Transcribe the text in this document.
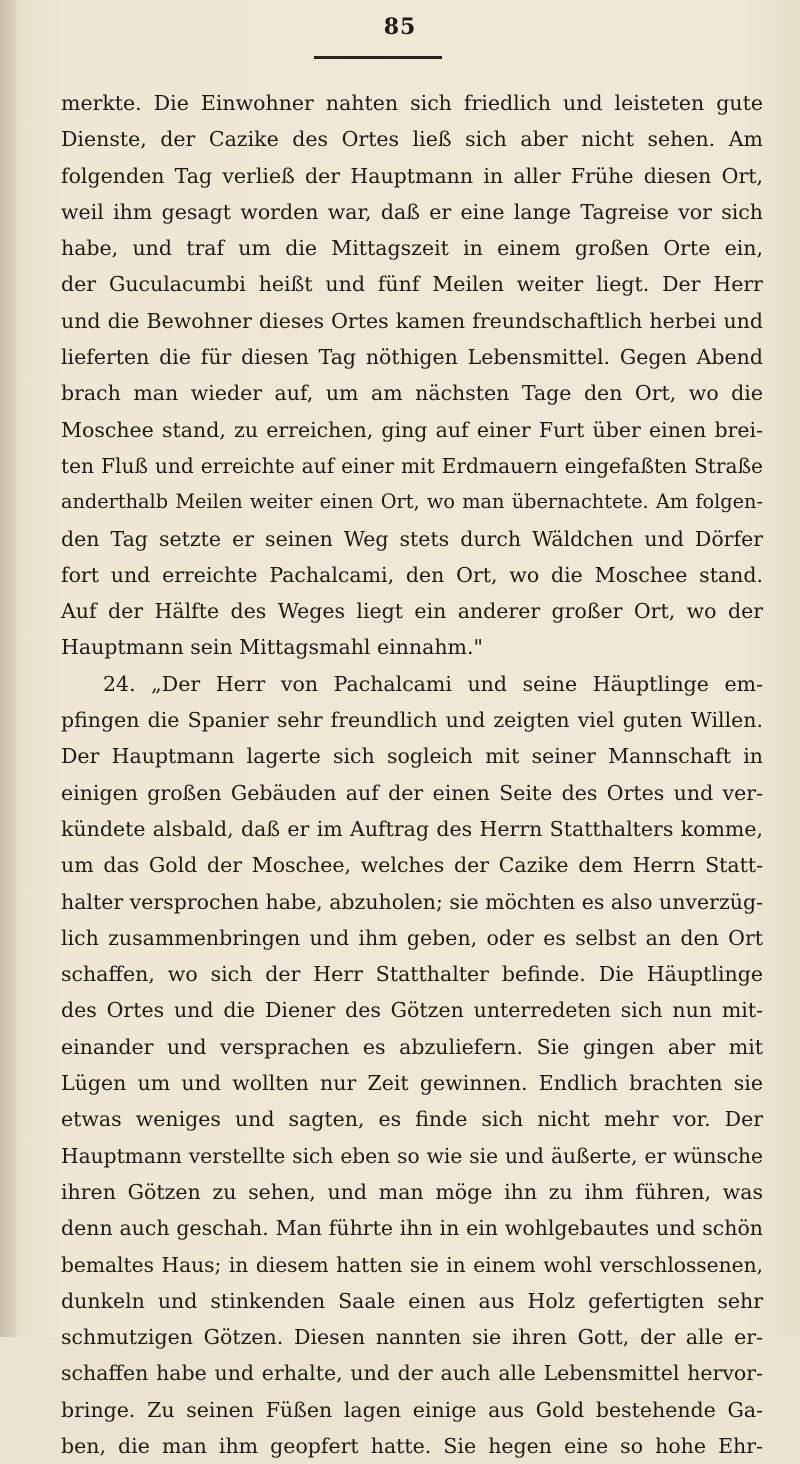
85
merkte. Die Einwohner nahten sich friedlich und leisteten gute
Dienste, der Cazike des Ortes ließ sich aber nicht sehen. Am
folgenden Tag verließ der Hauptmann in aller Frühe diesen Ort,
weil ihm gesagt worden war, daß er eine lange Tagreise vor sich
habe, und traf um die Mittagszeit in einem großen Orte ein,
der Guculacumbi heißt und fünf Meilen weiter liegt. Der Herr
und die Bewohner dieses Ortes kamen freundschaftlich herbei und
lieferten die für diesen Tag nöthigen Lebensmittel. Gegen Abend
brach man wieder auf, um am nächsten Tage den Ort, wo die
Moschee stand, zu erreichen, ging auf einer Furt über einen brei-
ten Fluß und erreichte auf einer mit Erdmauern eingefaßten Straße
anderthalb Meilen weiter einen Ort, wo man übernachtete. Am folgen-
den Tag setzte er seinen Weg stets durch Wäldchen und Dörfer
fort und erreichte Pachalcami, den Ort, wo die Moschee stand.
Auf der Hälfte des Weges liegt ein anderer großer Ort, wo der
Hauptmann sein Mittagsmahl einnahm."
24. „Der Herr von Pachalcami und seine Häuptlinge em-
pfingen die Spanier sehr freundlich und zeigten viel guten Willen.
Der Hauptmann lagerte sich sogleich mit seiner Mannschaft in
einigen großen Gebäuden auf der einen Seite des Ortes und ver-
kündete alsbald, daß er im Auftrag des Herrn Statthalters komme,
um das Gold der Moschee, welches der Cazike dem Herrn Statt-
halter versprochen habe, abzuholen; sie möchten es also unverzüg-
lich zusammenbringen und ihm geben, oder es selbst an den Ort
schaffen, wo sich der Herr Statthalter befinde. Die Häuptlinge
des Ortes und die Diener des Götzen unterredeten sich nun mit-
einander und versprachen es abzuliefern. Sie gingen aber mit
Lügen um und wollten nur Zeit gewinnen. Endlich brachten sie
etwas weniges und sagten, es finde sich nicht mehr vor. Der
Hauptmann verstellte sich eben so wie sie und äußerte, er wünsche
ihren Götzen zu sehen, und man möge ihn zu ihm führen, was
denn auch geschah. Man führte ihn in ein wohlgebautes und schön
bemaltes Haus; in diesem hatten sie in einem wohl verschlossenen,
dunkeln und stinkenden Saale einen aus Holz gefertigten sehr
schmutzigen Götzen. Diesen nannten sie ihren Gott, der alle er-
schaffen habe und erhalte, und der auch alle Lebensmittel hervor-
bringe. Zu seinen Füßen lagen einige aus Gold bestehende Ga-
ben, die man ihm geopfert hatte. Sie hegen eine so hohe Ehr-
